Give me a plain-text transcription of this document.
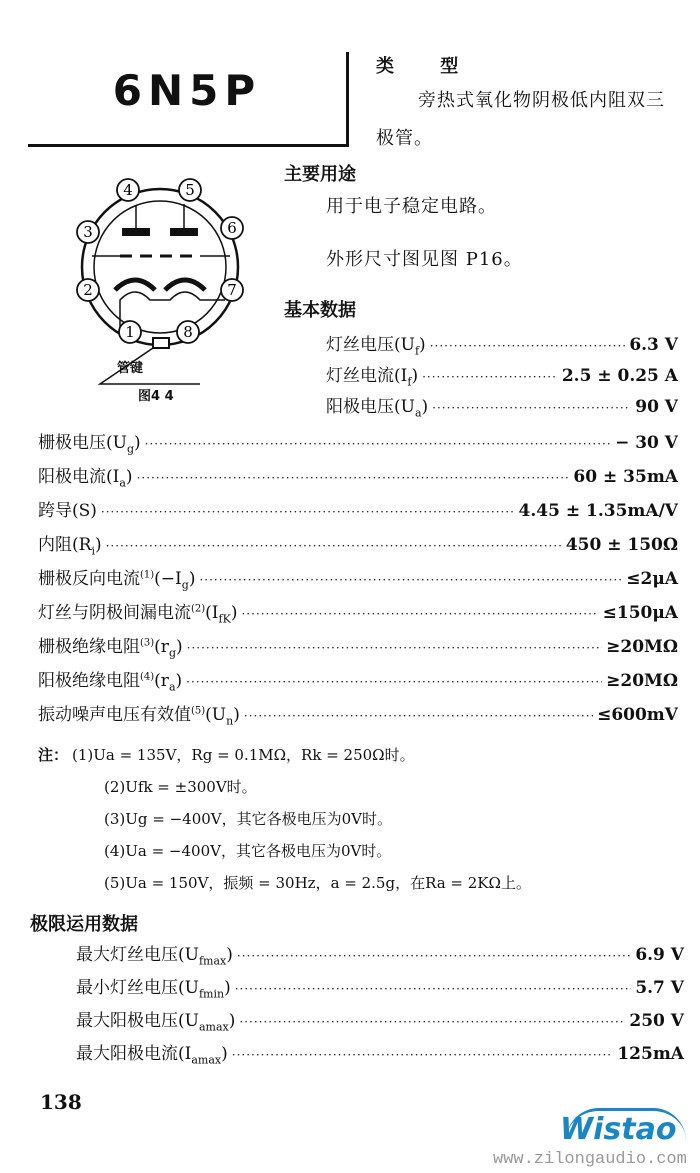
6N5P	类 型
旁热式氧化物阴极低内阻双三
极管。
4	5
3	6
2	7
1	8
管键
图4 4
主要用途
用于电子稳定电路。
外形尺寸图见图 P16。
基本数据
灯丝电压$(U_f)$ ·····	6.3 V
灯丝电流$(I_f)$ ·····	2.5 ± 0.25 A
阳极电压$(U_a)$ ·····	90 V
栅极电压$(U_g)$ ·····	− 30 V
阳极电流$(I_a)$ ·····	60 ± 35mA
跨导(S) ·····	4.45 ± 1.35mA/V
内阻$(R_i)$ ·····	450 ± 150Ω
栅极反向电流$^{(1)}(-I_g)$ ·····	≤2μA
灯丝与阴极间漏电流$^{(2)}(I_{fK})$ ·····	≤150μA
栅极绝缘电阻$^{(3)}(r_g)$ ·····	≥20MΩ
阳极绝缘电阻$^{(4)}(r_a)$ ·····	≥20MΩ
振动噪声电压有效值$^{(5)}(U_n)$ ·····	≤600mV
注： (1)Ua = 135V，Rg = 0.1MΩ，Rk = 250Ω时。
(2)Ufk = ±300V时。
(3)Ug = −400V，其它各极电压为0V时。
(4)Ua = −400V，其它各极电压为0V时。
(5)Ua = 150V，振频 = 30Hz，a = 2.5g，在Ra = 2KΩ上。
极限运用数据
最大灯丝电压$(U_{fmax})$ ·····	6.9 V
最小灯丝电压$(U_{fmin})$ ·····	5.7 V
最大阳极电压$(U_{amax})$ ·····	250 V
最大阳极电流$(I_{amax})$ ·····	125mA
138
Wistao
www.zilongaudio.com
